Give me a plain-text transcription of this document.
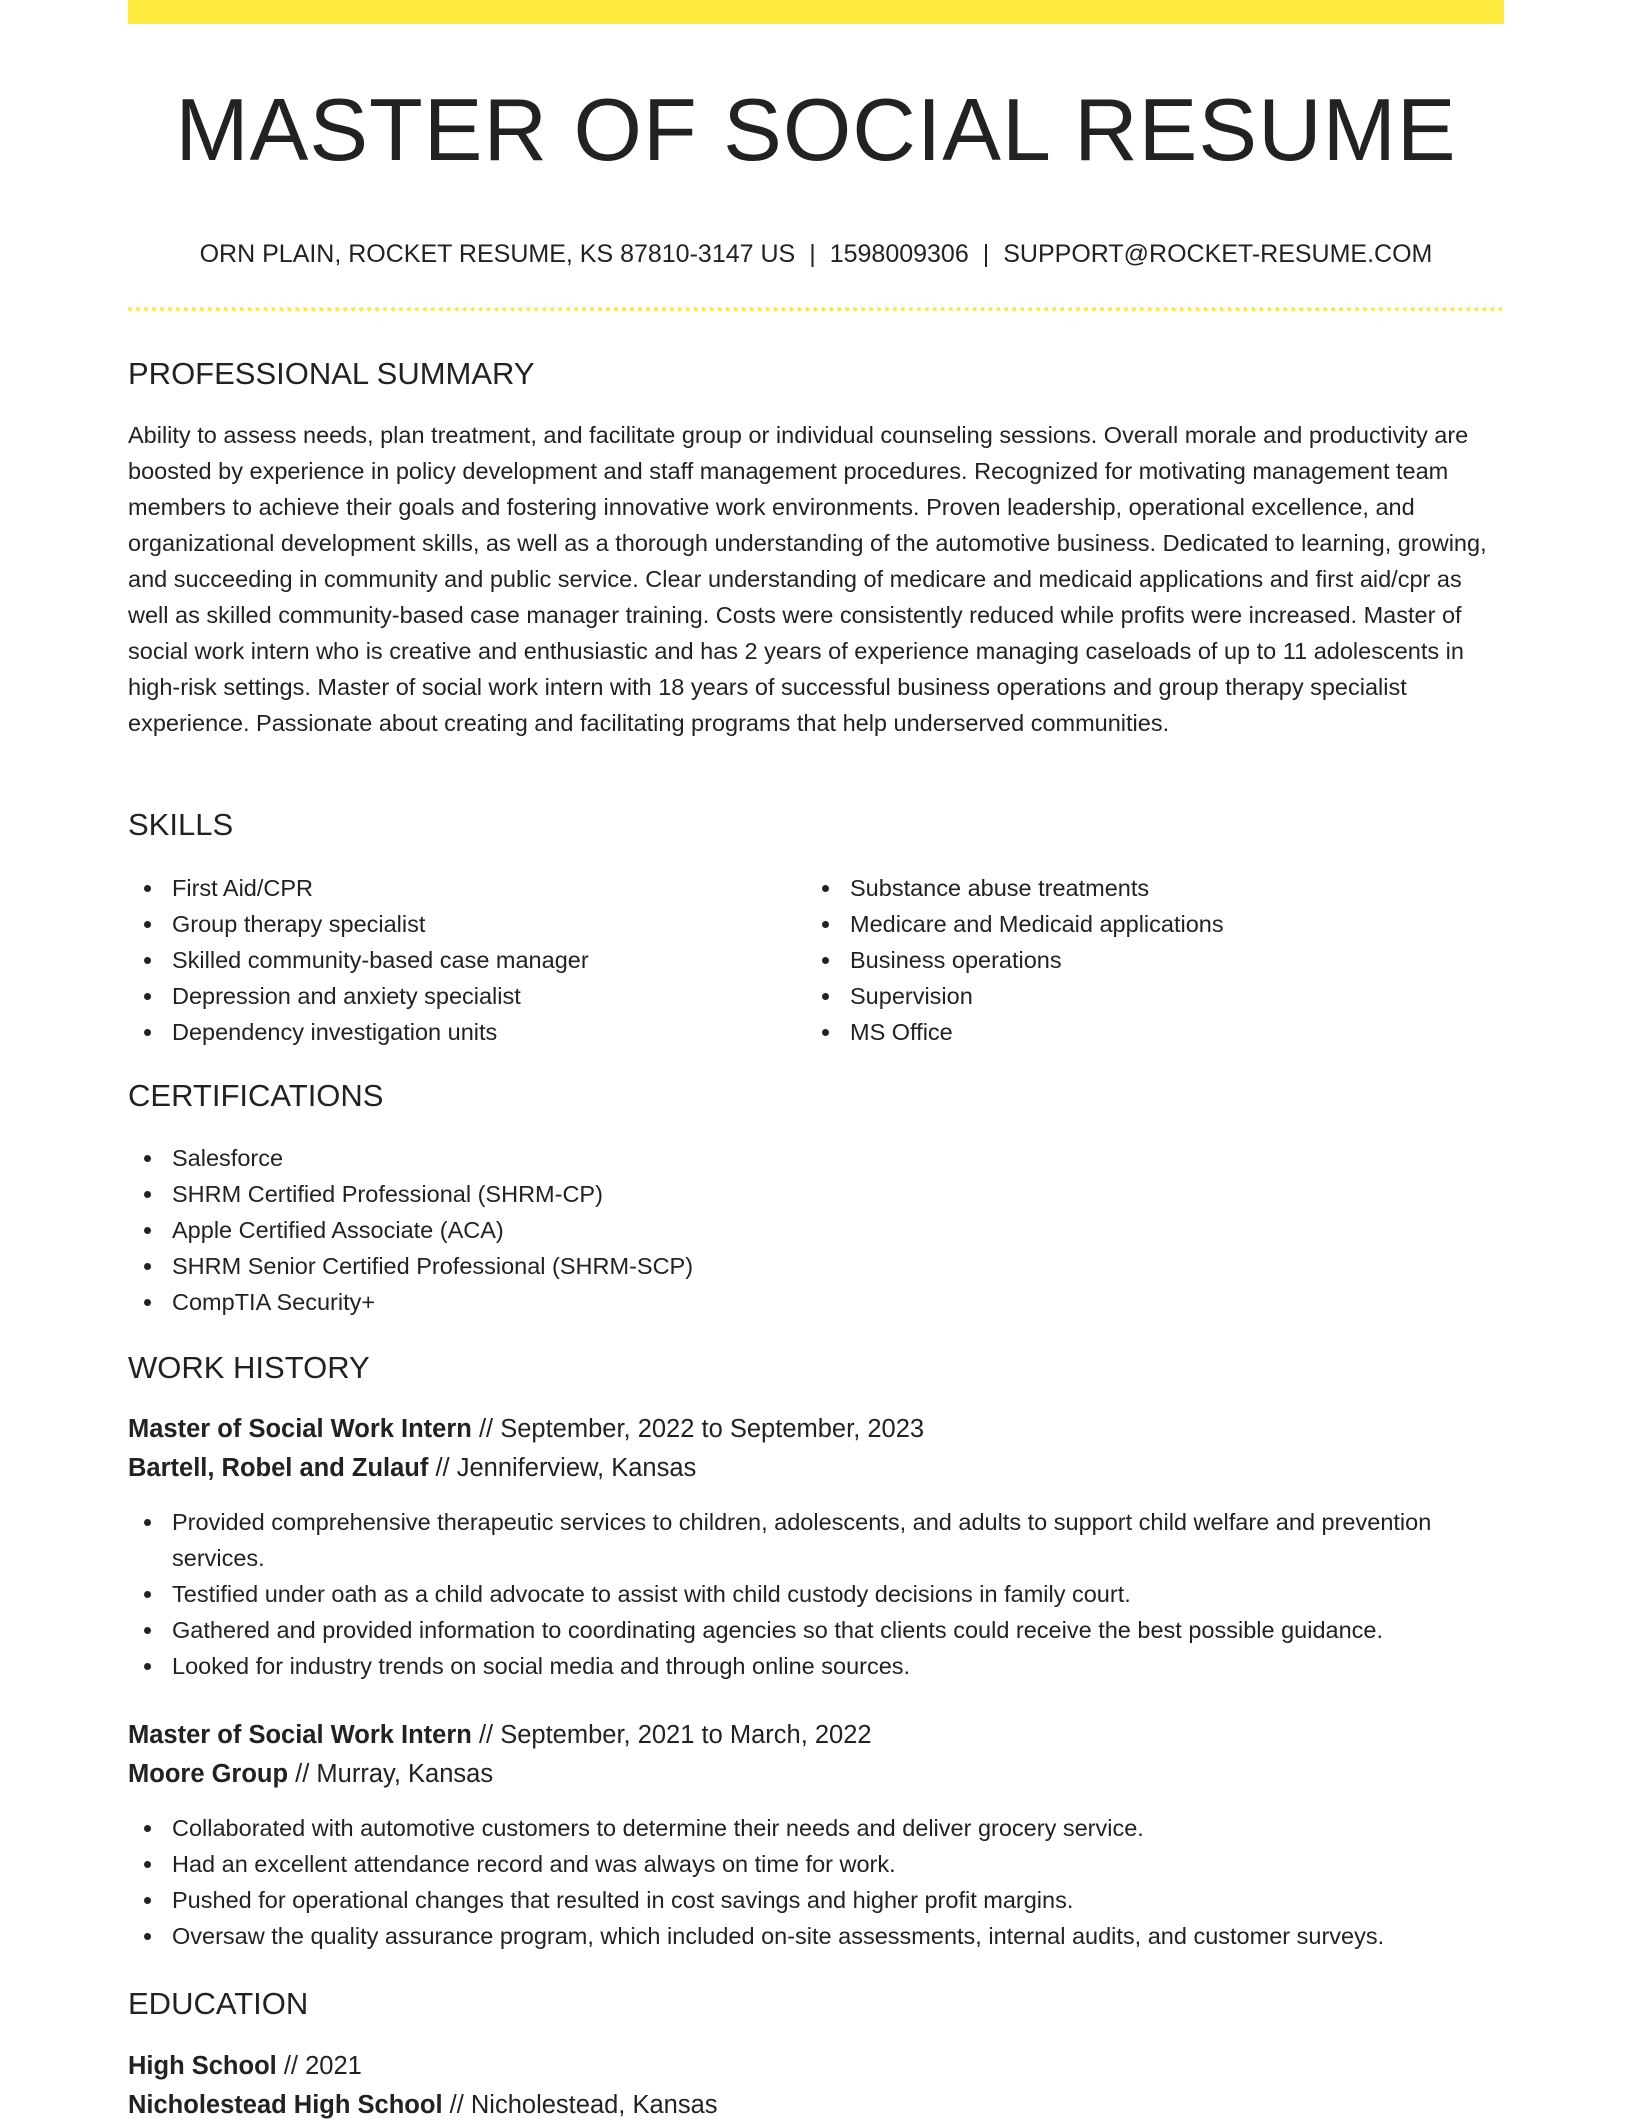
MASTER OF SOCIAL RESUME
ORN PLAIN, ROCKET RESUME, KS 87810-3147 US | 1598009306 | SUPPORT@ROCKET-RESUME.COM
PROFESSIONAL SUMMARY
Ability to assess needs, plan treatment, and facilitate group or individual counseling sessions. Overall morale and productivity are boosted by experience in policy development and staff management procedures. Recognized for motivating management team members to achieve their goals and fostering innovative work environments. Proven leadership, operational excellence, and organizational development skills, as well as a thorough understanding of the automotive business. Dedicated to learning, growing, and succeeding in community and public service. Clear understanding of medicare and medicaid applications and first aid/cpr as well as skilled community-based case manager training. Costs were consistently reduced while profits were increased. Master of social work intern who is creative and enthusiastic and has 2 years of experience managing caseloads of up to 11 adolescents in high-risk settings. Master of social work intern with 18 years of successful business operations and group therapy specialist experience. Passionate about creating and facilitating programs that help underserved communities.
SKILLS
First Aid/CPR
Group therapy specialist
Skilled community-based case manager
Depression and anxiety specialist
Dependency investigation units
Substance abuse treatments
Medicare and Medicaid applications
Business operations
Supervision
MS Office
CERTIFICATIONS
Salesforce
SHRM Certified Professional (SHRM-CP)
Apple Certified Associate (ACA)
SHRM Senior Certified Professional (SHRM-SCP)
CompTIA Security+
WORK HISTORY
Master of Social Work Intern // September, 2022 to September, 2023
Bartell, Robel and Zulauf // Jenniferview, Kansas
Provided comprehensive therapeutic services to children, adolescents, and adults to support child welfare and prevention services.
Testified under oath as a child advocate to assist with child custody decisions in family court.
Gathered and provided information to coordinating agencies so that clients could receive the best possible guidance.
Looked for industry trends on social media and through online sources.
Master of Social Work Intern // September, 2021 to March, 2022
Moore Group // Murray, Kansas
Collaborated with automotive customers to determine their needs and deliver grocery service.
Had an excellent attendance record and was always on time for work.
Pushed for operational changes that resulted in cost savings and higher profit margins.
Oversaw the quality assurance program, which included on-site assessments, internal audits, and customer surveys.
EDUCATION
High School // 2021
Nicholestead High School // Nicholestead, Kansas
